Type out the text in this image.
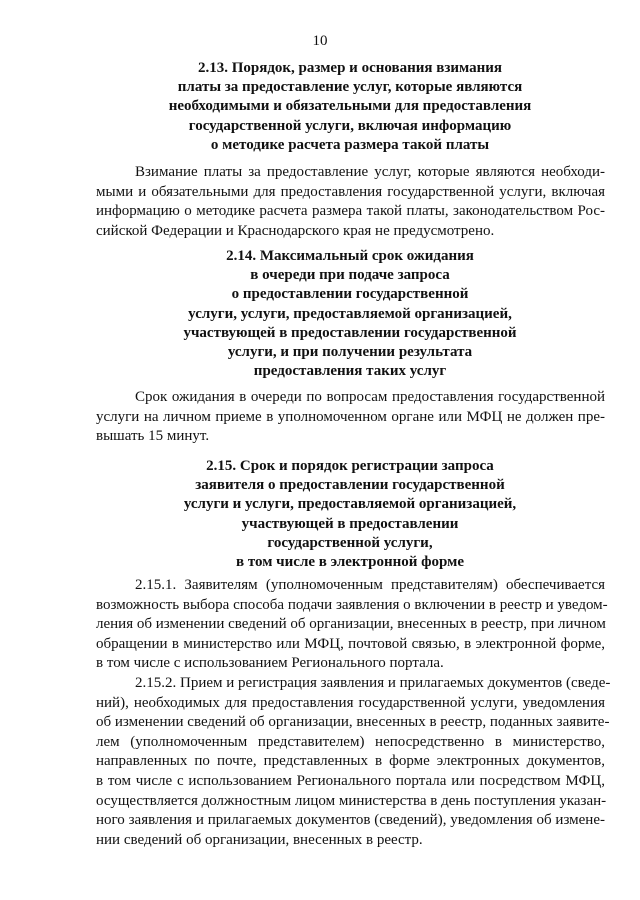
10
2.13. Порядок, размер и основания взимания
платы за предоставление услуг, которые являются
необходимыми и обязательными для предоставления
государственной услуги, включая информацию
о методике расчета размера такой платы
Взимание платы за предоставление услуг, которые являются необходи-
мыми и обязательными для предоставления государственной услуги, включая
информацию о методике расчета размера такой платы, законодательством Рос-
сийской Федерации и Краснодарского края не предусмотрено.
2.14. Максимальный срок ожидания
в очереди при подаче запроса
о предоставлении государственной
услуги, услуги, предоставляемой организацией,
участвующей в предоставлении государственной
услуги, и при получении результата
предоставления таких услуг
Срок ожидания в очереди по вопросам предоставления государственной
услуги на личном приеме в уполномоченном органе или МФЦ не должен пре-
вышать 15 минут.
2.15. Срок и порядок регистрации запроса
заявителя о предоставлении государственной
услуги и услуги, предоставляемой организацией,
участвующей в предоставлении
государственной услуги,
в том числе в электронной форме
2.15.1. Заявителям (уполномоченным представителям) обеспечивается
возможность выбора способа подачи заявления о включении в реестр и уведом-
ления об изменении сведений об организации, внесенных в реестр, при личном
обращении в министерство или МФЦ, почтовой связью, в электронной форме,
в том числе с использованием Регионального портала.
2.15.2. Прием и регистрация заявления и прилагаемых документов (сведе-
ний), необходимых для предоставления государственной услуги, уведомления
об изменении сведений об организации, внесенных в реестр, поданных заявите-
лем (уполномоченным представителем) непосредственно в министерство,
направленных по почте, представленных в форме электронных документов,
в том числе с использованием Регионального портала или посредством МФЦ,
осуществляется должностным лицом министерства в день поступления указан-
ного заявления и прилагаемых документов (сведений), уведомления об измене-
нии сведений об организации, внесенных в реестр.
